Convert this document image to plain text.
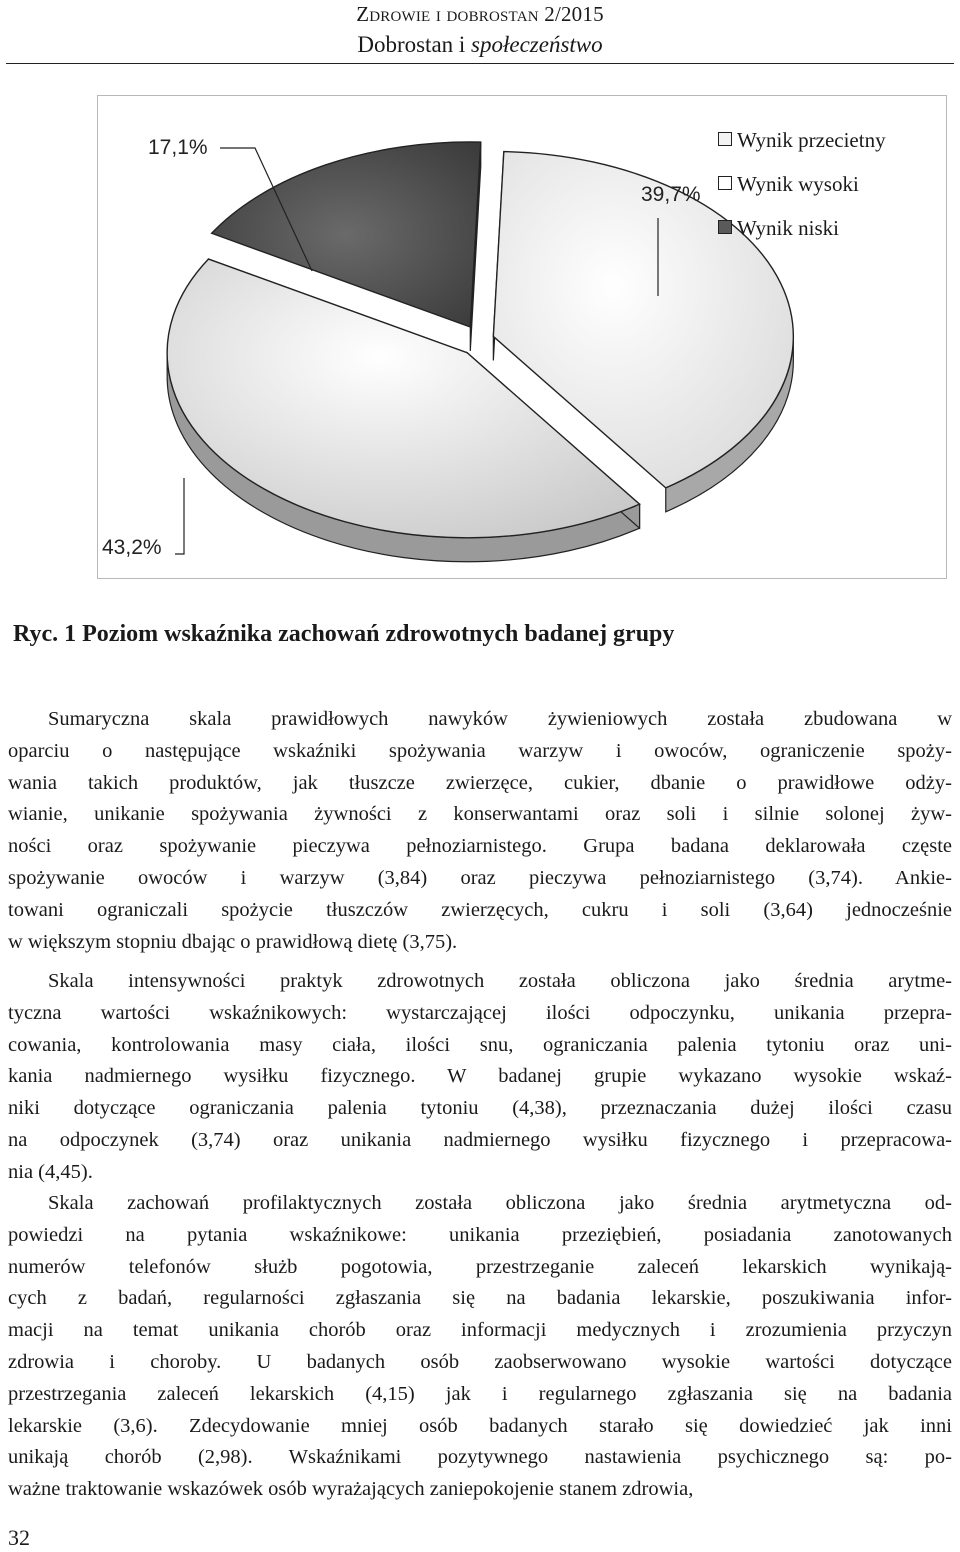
Zdrowie i dobrostan 2/2015
Dobrostan i społeczeństwo
17,1%
39,7%
43,2%
Wynik przecietny
Wynik wysoki
Wynik niski
Ryc. 1 Poziom wskaźnika zachowań zdrowotnych badanej grupy

Sumaryczna skala prawidłowych nawyków żywieniowych została zbudowana w
oparciu o następujące wskaźniki spożywania warzyw i owoców, ograniczenie spoży-
wania takich produktów, jak tłuszcze zwierzęce, cukier, dbanie o prawidłowe odży-
wianie, unikanie spożywania żywności z konserwantami oraz soli i silnie solonej żyw-
ności oraz spożywanie pieczywa pełnoziarnistego. Grupa badana deklarowała częste
spożywanie owoców i warzyw (3,84) oraz pieczywa pełnoziarnistego (3,74). Ankie-
towani ograniczali spożycie tłuszczów zwierzęcych, cukru i soli (3,64) jednocześnie
w większym stopniu dbając o prawidłową dietę (3,75).

Skala intensywności praktyk zdrowotnych została obliczona jako średnia arytme-
tyczna wartości wskaźnikowych: wystarczającej ilości odpoczynku, unikania przepra-
cowania, kontrolowania masy ciała, ilości snu, ograniczania palenia tytoniu oraz uni-
kania nadmiernego wysiłku fizycznego. W badanej grupie wykazano wysokie wskaź-
niki dotyczące ograniczania palenia tytoniu (4,38), przeznaczania dużej ilości czasu
na odpoczynek (3,74) oraz unikania nadmiernego wysiłku fizycznego i przepracowa-
nia (4,45).

Skala zachowań profilaktycznych została obliczona jako średnia arytmetyczna od-
powiedzi na pytania wskaźnikowe: unikania przeziębień, posiadania zanotowanych
numerów telefonów służb pogotowia, przestrzeganie zaleceń lekarskich wynikają-
cych z badań, regularności zgłaszania się na badania lekarskie, poszukiwania infor-
macji na temat unikania chorób oraz informacji medycznych i zrozumienia przyczyn
zdrowia i choroby. U badanych osób zaobserwowano wysokie wartości dotyczące
przestrzegania zaleceń lekarskich (4,15) jak i regularnego zgłaszania się na badania
lekarskie (3,6). Zdecydowanie mniej osób badanych starało się dowiedzieć jak inni
unikają chorób (2,98). Wskaźnikami pozytywnego nastawienia psychicznego są: po-
ważne traktowanie wskazówek osób wyrażających zaniepokojenie stanem zdrowia,

32
